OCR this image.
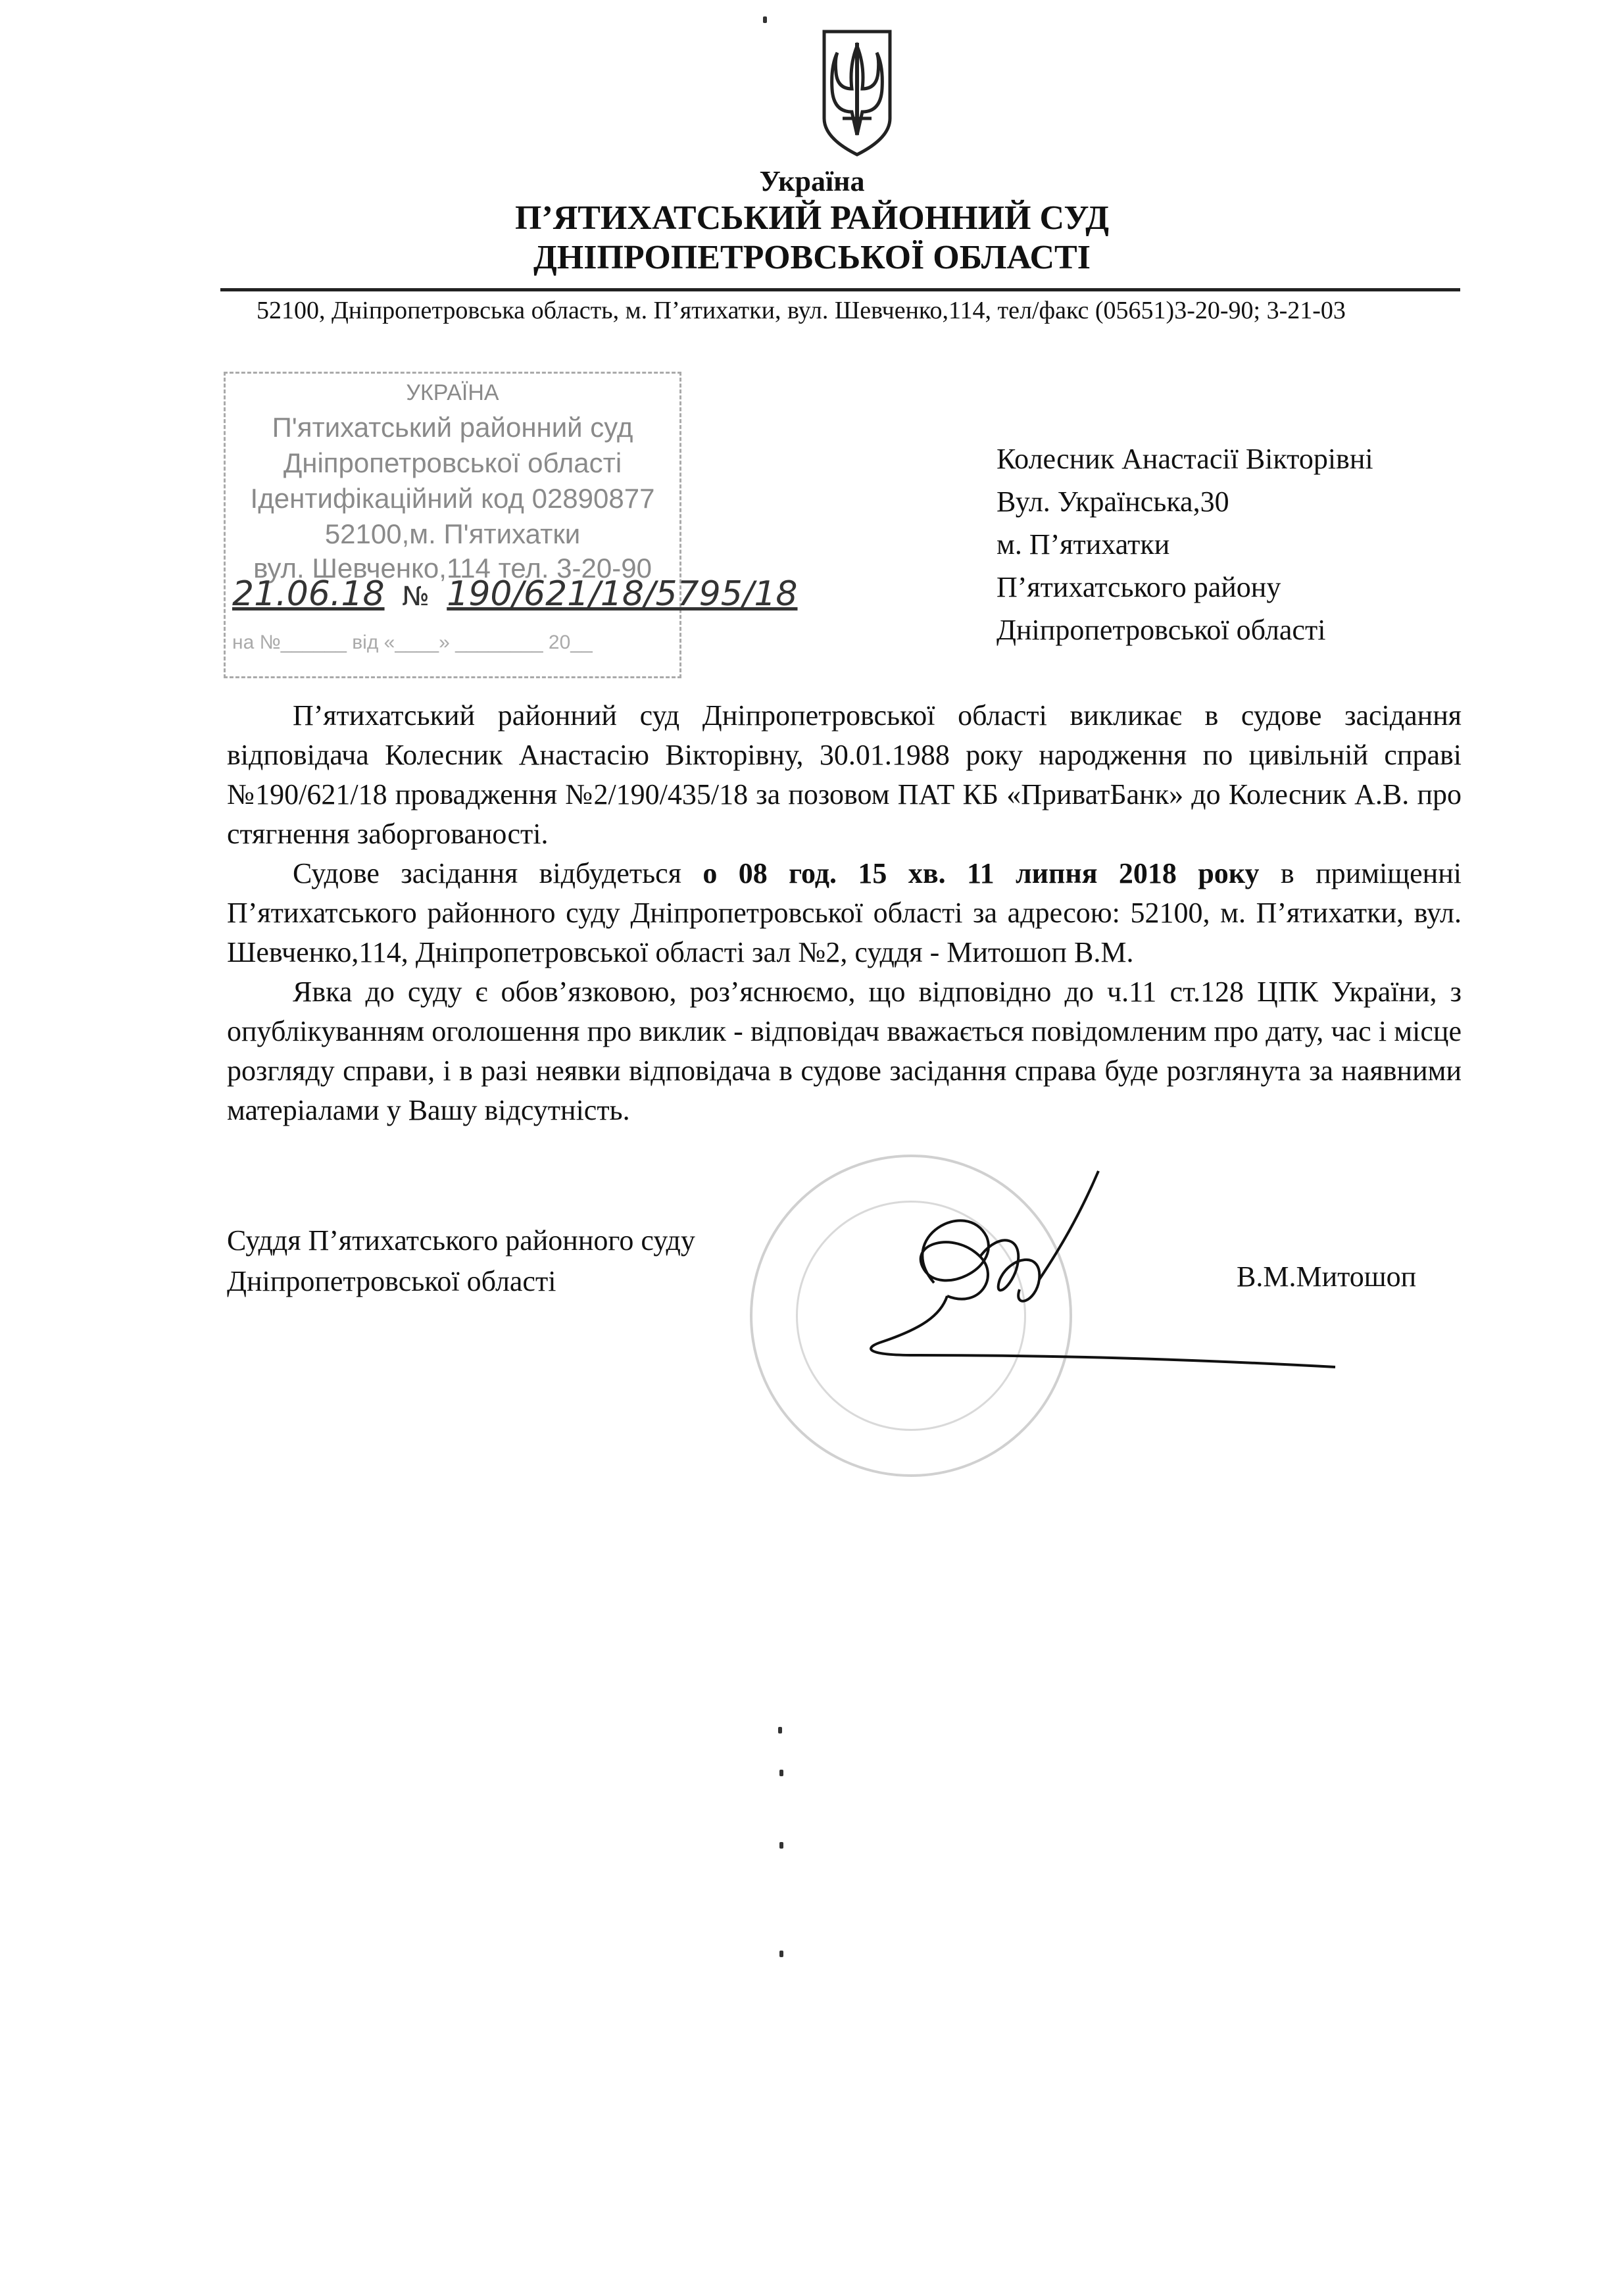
Україна
П’ЯТИХАТСЬКИЙ РАЙОННИЙ СУД
ДНІПРОПЕТРОВСЬКОЇ ОБЛАСТІ
52100, Дніпропетровська область, м. П’ятихатки, вул. Шевченко,114, тел/факс (05651)3-20-90; 3-21-03
УКРАЇНА
П'ятихатський районний суд
Дніпропетровської області
Ідентифікаційний код 02890877
52100,м. П'ятихатки
вул. Шевченко,114 тел. 3-20-90
21.06.18 № 190/621/18/5795/18
на №______ від «____» ________ 20__
Колесник Анастасії Вікторівні
Вул. Українська,30
м. П’ятихатки
П’ятихатського району
Дніпропетровської області

П’ятихатський районний суд Дніпропетровської області викликає в судове засідання відповідача Колесник Анастасію Вікторівну, 30.01.1988 року народження по цивільній справі №190/621/18 провадження №2/190/435/18 за позовом ПАТ КБ «ПриватБанк» до Колесник А.В. про стягнення заборгованості.

Судове засідання відбудеться о 08 год. 15 хв. 11 липня 2018 року в приміщенні П’ятихатського районного суду Дніпропетровської області за адресою: 52100, м. П’ятихатки, вул. Шевченко,114, Дніпропетровської області зал №2, суддя - Митошоп В.М.

Явка до суду є обов’язковою, роз’яснюємо, що відповідно до ч.11 ст.128 ЦПК України, з опублікуванням оголошення про виклик - відповідач вважається повідомленим про дату, час і місце розгляду справи, і в разі неявки відповідача в судове засідання справа буде розглянута за наявними матеріалами у Вашу відсутність.

Суддя П’ятихатського районного суду
Дніпропетровської області	В.М.Митошоп
